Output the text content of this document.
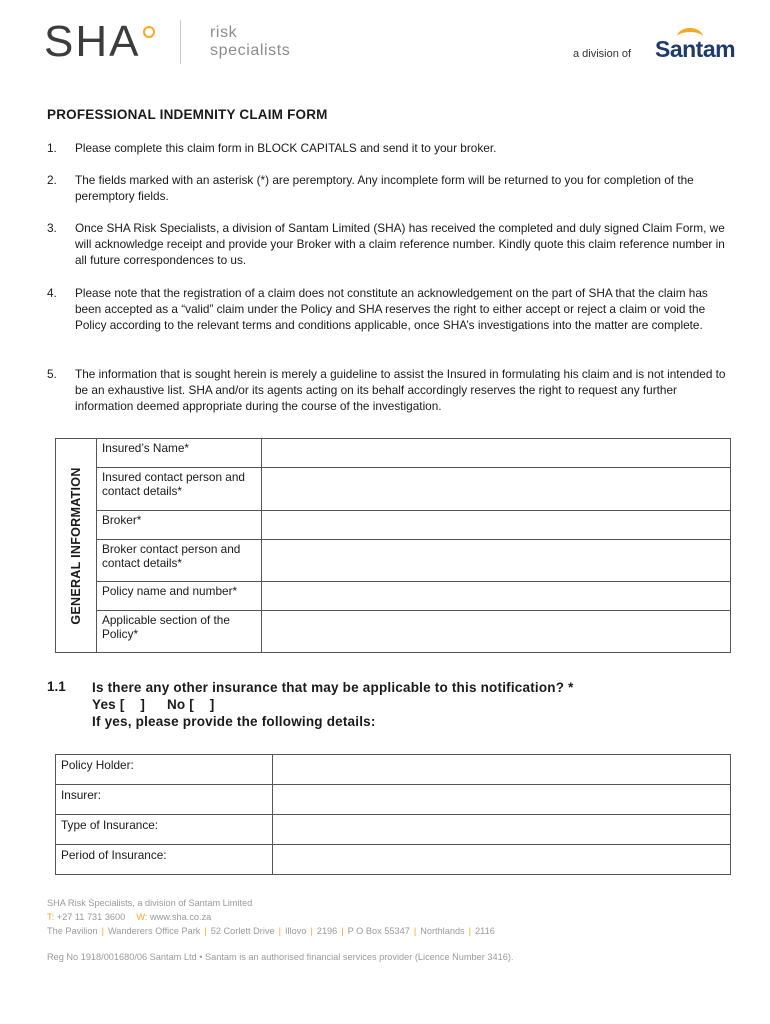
SHA	risk
specialists	a division of Santam
PROFESSIONAL INDEMNITY CLAIM FORM
1. Please complete this claim form in BLOCK CAPITALS and send it to your broker.
2. The fields marked with an asterisk (*) are peremptory. Any incomplete form will be returned to you for completion of the peremptory fields.
3. Once SHA Risk Specialists, a division of Santam Limited (SHA) has received the completed and duly signed Claim Form, we will acknowledge receipt and provide your Broker with a claim reference number. Kindly quote this claim reference number in all future correspondences to us.
4. Please note that the registration of a claim does not constitute an acknowledgement on the part of SHA that the claim has been accepted as a “valid” claim under the Policy and SHA reserves the right to either accept or reject a claim or void the Policy according to the relevant terms and conditions applicable, once SHA’s investigations into the matter are complete.
5. The information that is sought herein is merely a guideline to assist the Insured in formulating his claim and is not intended to be an exhaustive list. SHA and/or its agents acting on its behalf accordingly reserves the right to request any further information deemed appropriate during the course of the investigation.
GENERAL INFORMATION	Insured’s Name*	
	Insured contact person and contact details*	
	Broker*	
	Broker contact person and contact details*	
	Policy name and number*	
	Applicable section of the Policy*	
1.1 Is there any other insurance that may be applicable to this notification? *
Yes [    ] No [    ]
If yes, please provide the following details:
Policy Holder:	
Insurer:	
Type of Insurance:	
Period of Insurance:	
SHA Risk Specialists, a division of Santam Limited
T: +27 11 731 3600 W: www.sha.co.za
The Pavilion | Wanderers Office Park | 52 Corlett Drive | Illovo | 2196 | P O Box 55347 | Northlands | 2116
Reg No 1918/001680/06 Santam Ltd • Santam is an authorised financial services provider (Licence Number 3416).
